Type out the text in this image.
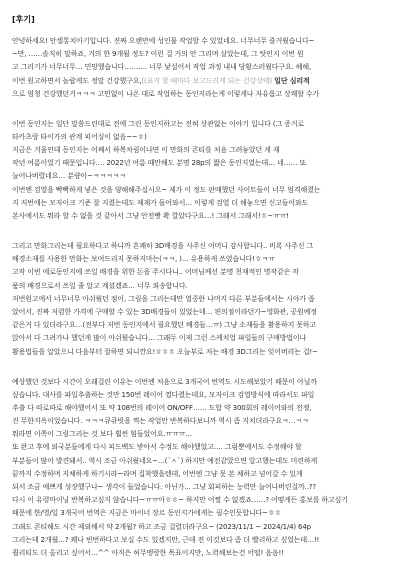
[후기]
안녕하세요! 안셀통치아기입니다. 진짜 오랜만에 성인물 작업할 수 있었네요. 너무너무 즐거웠습니다~
~만, ……솔직히 말하죠, 거의 한 9개월 정도? 이런 걸 거의 안 그리며 살았는데, 그 탓인지 이번 원
고 그리기가 너무너무… 민망했습니다………. 너무 낯설어서 작업 과정 내내 당황스러웠다구요. 헤헤,
이번 원고하면서 놀랍게도 정말 건강했구요,((표지 할 때마다 보고드리게 되는 건강상태) 일단 심리적
으로 엄청 건강했던거ㅋㅋㅋ 고민없이 나온 대로 작업하는 동인지라는게 이렇게나 자유롭고 상쾌할 수가
이번 동인지는 일단 말씀드린대로 전에 그린 동인지하고는 전혀 상관없는 이야기 입니다 (그 증거로
타카츠랑 타이가의 관계 피어싱이 없음~~ㅎ)
지금은 겨울인데 동인지는 어째서 하복차림이냐면 이 만화의 콘티를 처음 그려놓았던 게 재
작년 여름이었기 때문입니다…. 2022년 여름 때만해도 분명 28p의 짧은 동인지였는데… 네…… 또
늘어나버렸네요… 분량이~ㅋㅋㅋㅋㅋ
이번엔 검열을 빡빡하게 넣은 것을 양해해주십시오~ 제가 이 정도 판매했던 사이트들이 너무 엄격해졌는
지 저번에는 모자이크 기준 잘 지켰는데도 제재가 들어와서… 이렇게 검열 더 해놓으면 신고들어와도
본사에서도 뭐라 할 수 없을 것 같아서 그냥 안전빵 쫙 깔았다구요…! 그래서 그래서!ㅎ~ㅠㅠ!
그리고 만화그리는데 필요하다고 하니까 흔쾌히 3D배경을 사주신 어머니 감사합니다.. 비록 사주신 그
배경소재를 사용한 만화는 보여드리지 못하지마는(ㅋㅋ, )… 유용하게 쓰였습니다!ㅎㅋㅠ
고작 이번 에로동인지에 쓰일 배경을 위한 돈을 주시다니.. 어머님께선 분명 천재적인 명작같은 작
품의 배경으로서 쓰일 줄 알고 계셨겠죠… 너무 죄송합니다.
저번원고에서 너무너무 아쉬웠던 점이, 그림을 그리는데만 열중한 나머지 다른 부분들에서는 시야가 좁
았어서, 진짜 저렴한 가격에 구매할 수 있는 3D배경들이 있었는데… 편의점이라던가~영화관, 공원예정
같은거 다 있더라구요…(전부다 저번 동인지에서 필요했던 배경들…ㅠ) 그냥 소재들을 활용하지 못하고
앉아서 다 그려가나 했던게 많이 아쉬웠습니다… 그래두 이제 그런 스케치업 파일들의 구매방법이나
활용법들을 알았으니 다음부터 잘하면 되니깐요!ㅎㅎㅎ 오늘부로 저는 배경 3D그리는 잊어버리는 겁!~
예상했던 것보다 시간이 오래걸린 이유는 이번엔 처음으로 3개국어 번역도 시도해보았기 때문이 아닐까
싶습니다. 대사를 파일추출하는 것만 150번 레이어 껐다켰는데요, 모자이크 검열방식에 따라서도 파일
추출 다 따로따로 해야했어서 또 약 108번의 레이어 ON/OFF…… 도합 약 300회의 레이어와의 전쟁,
진 무한지옥이었습니다. ㅋㅋㅋ큐큐빗을 찍는 작업만 반복하다보니까 역시 좀 지치더라구요ㅋ…ㅋㅋ
뭐라면 이쪽이 그림그리는 것 보다 훨씬 힘들었어요.ㅠㅠㅠ…
또 완고 후에 외국분들에게 다시 피드백도 받아서 수정도 해야했었고…. 그럼뿐에서도 수정해야 할
부분들이 많이 발견돼서.. 역시 조금 아쉬웠네요~…(´ㅅ`) 하지만 예전같았으면 알고했는데도 미련하게
끝까지 수정하며 지체하게 하기시라~라며 집착했을텐데, 이번엔 그냥 못 본 체하고 넘어갈 수 있게
되서 조금 예쁘게 성장했구나~ 생각이 들었습니다. 아닌가... 그냥 회피하는 능력만 늘어나버린걸까..??
다시 이 유령마이닝 반복하고싶지 않습니다~ㅠㅠ아ㅎㅎ~ 하지만 어쩔 수 없겠죠……? 어떻게든 홍보를 하고싶기
때문에 한/영/일 3개국어 번역은 지금은 마이너 장르 동인지가에게는 필수인듯합니다~ㅎㅎ
그래도 콘티해도 시간 제외해서 약 2개월? 하고 조금 걸렸더라구요~ (2023/11/1 ~ 2024/1/4) 64p
그리는데 2개월…? 꽤나 빈번하다고 보실 수도 있겠지만, 근데 전 이것보다 좀 더 빨리하고 싶었는데…!!
퀄리티도 더 올리고 싶어서…^^ 아직은 허무맹랑한 목표이지만, 노력해보는건 어떨! 음음!!
